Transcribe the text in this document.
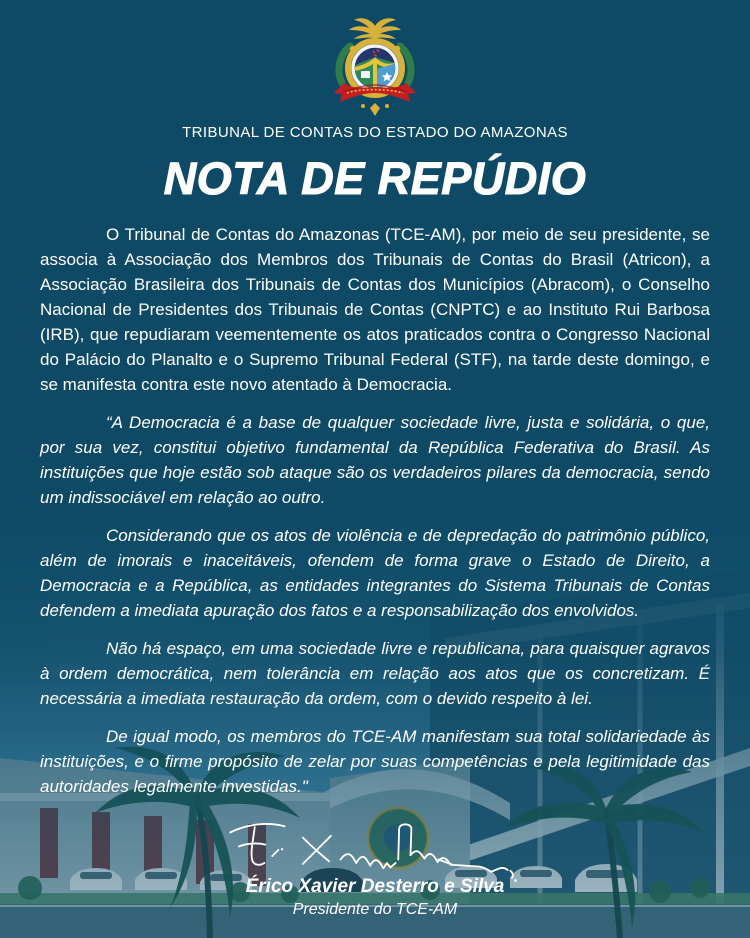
TRIBUNAL DE CONTAS DO ESTADO DO AMAZONAS
NOTA DE REPÚDIO

O Tribunal de Contas do Amazonas (TCE-AM), por meio de seu presidente, se associa à Associação dos Membros dos Tribunais de Contas do Brasil (Atricon), a Associação Brasileira dos Tribunais de Contas dos Municípios (Abracom), o Conselho Nacional de Presidentes dos Tribunais de Contas (CNPTC) e ao Instituto Rui Barbosa (IRB), que repudiaram veementemente os atos praticados contra o Congresso Nacional do Palácio do Planalto e o Supremo Tribunal Federal (STF), na tarde deste domingo, e se manifesta contra este novo atentado à Democracia.

“A Democracia é a base de qualquer sociedade livre, justa e solidária, o que, por sua vez, constitui objetivo fundamental da República Federativa do Brasil. As instituições que hoje estão sob ataque são os verdadeiros pilares da democracia, sendo um indissociável em relação ao outro.

Considerando que os atos de violência e de depredação do patrimônio público, além de imorais e inaceitáveis, ofendem de forma grave o Estado de Direito, a Democracia e a República, as entidades integrantes do Sistema Tribunais de Contas defendem a imediata apuração dos fatos e a responsabilização dos envolvidos.

Não há espaço, em uma sociedade livre e republicana, para quaisquer agravos à ordem democrática, nem tolerância em relação aos atos que os concretizam. É necessária a imediata restauração da ordem, com o devido respeito à lei.

De igual modo, os membros do TCE-AM manifestam sua total solidariedade às instituições, e o firme propósito de zelar por suas competências e pela legitimidade das autoridades legalmente investidas."

Érico Xavier Desterro e Silva
Presidente do TCE-AM
